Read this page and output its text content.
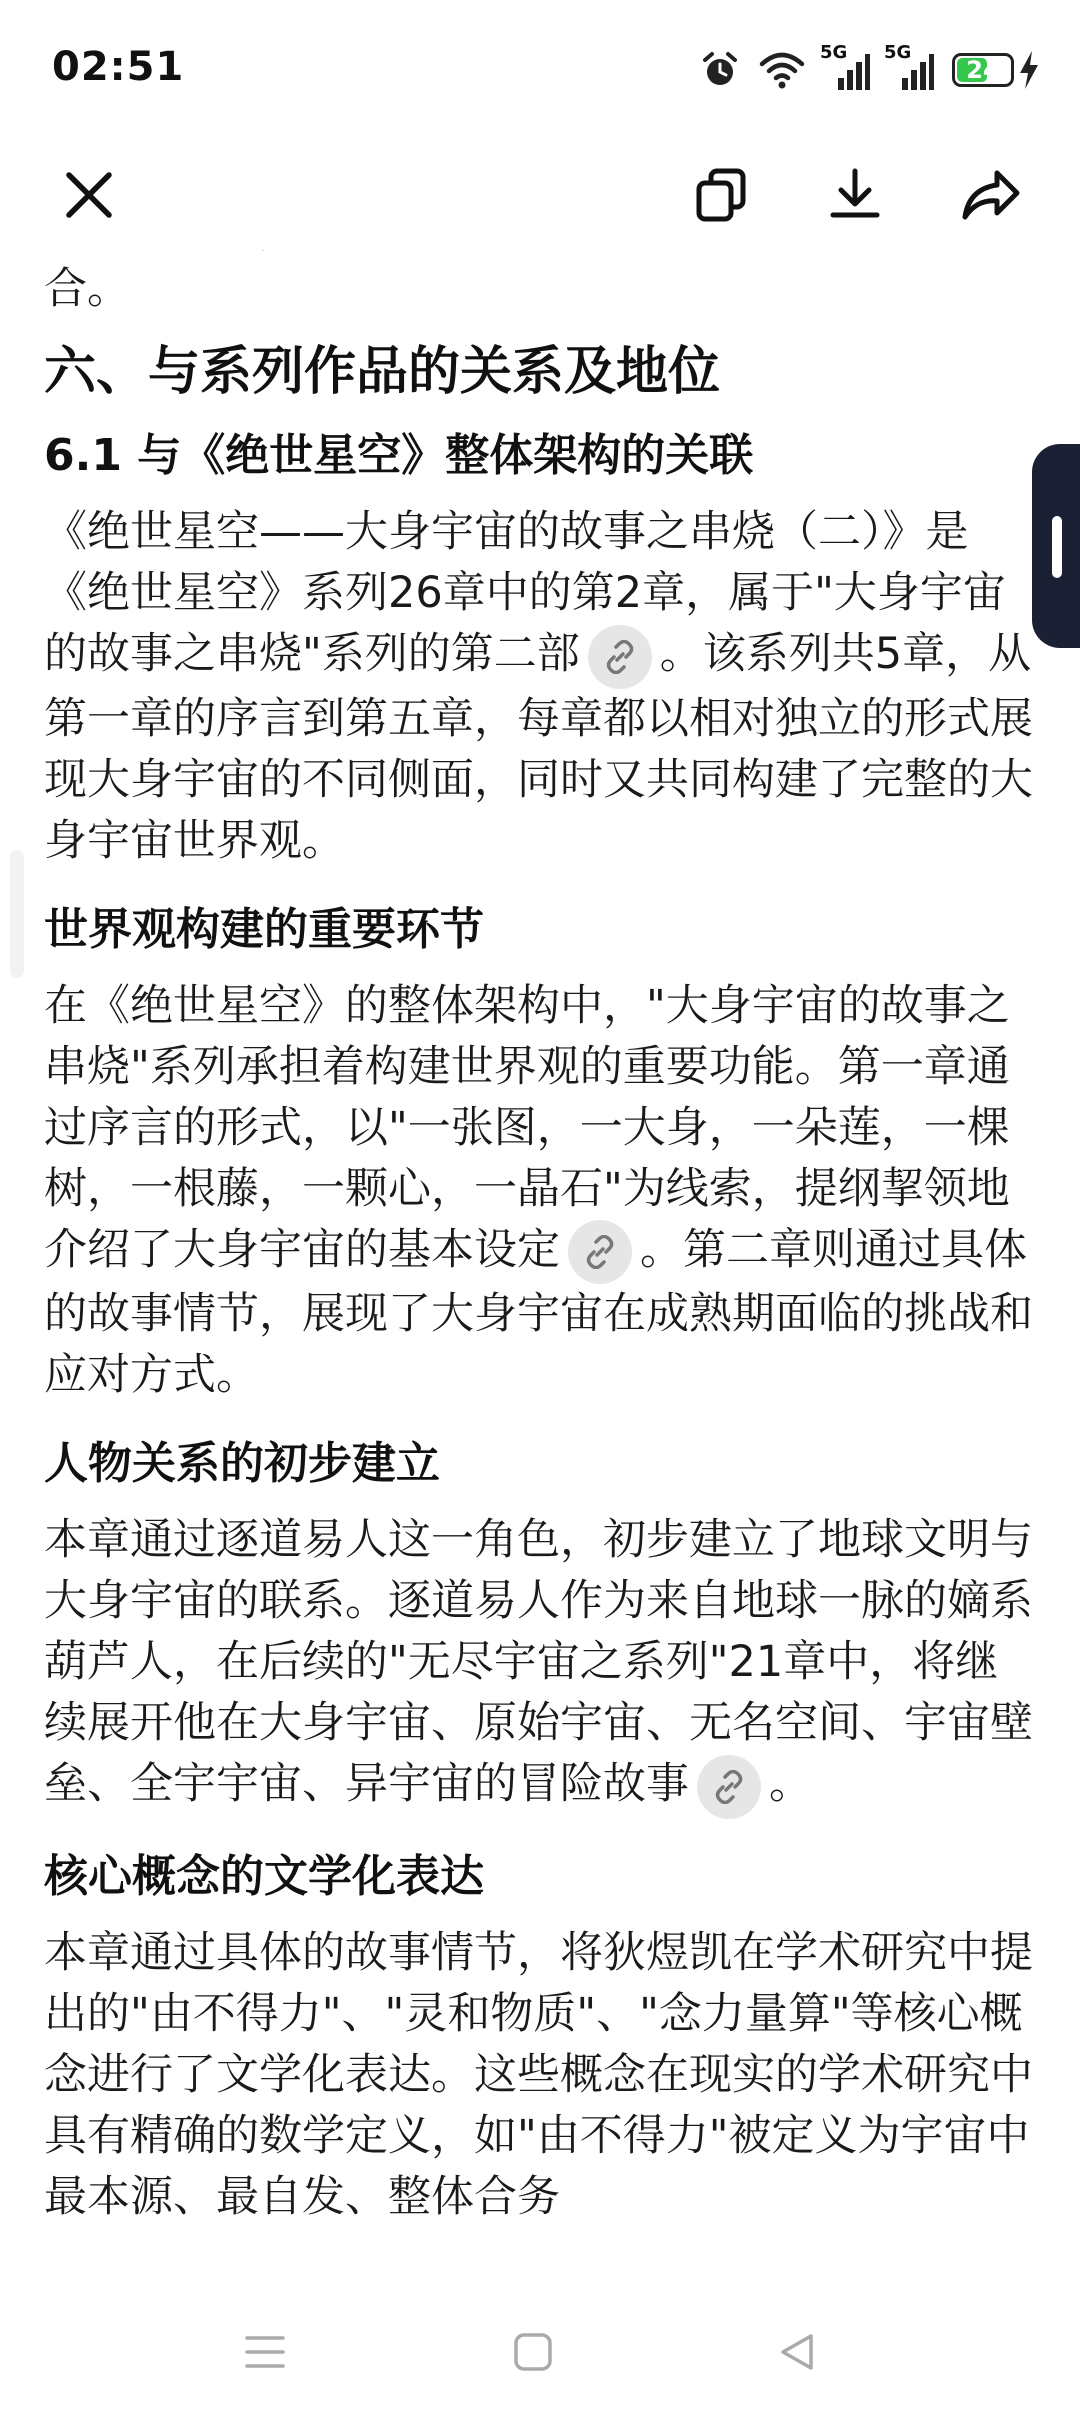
02:51	5G 5G
24

合。

六、与系列作品的关系及地位
6.1 与《绝世星空》整体架构的关联

《绝世星空——大身宇宙的故事之串烧（二）》是《绝世星空》系列26章中的第2章，属于"大身宇宙的故事之串烧"系列的第二部 。该系列共5章，从第一章的序言到第五章，每章都以相对独立的形式展现大身宇宙的不同侧面，同时又共同构建了完整的大身宇宙世界观。

世界观构建的重要环节

在《绝世星空》的整体架构中，"大身宇宙的故事之串烧"系列承担着构建世界观的重要功能。第一章通过序言的形式，以"一张图，一大身，一朵莲，一棵树，一根藤，一颗心，一晶石"为线索，提纲挈领地介绍了大身宇宙的基本设定 。第二章则通过具体的故事情节，展现了大身宇宙在成熟期面临的挑战和应对方式。

人物关系的初步建立

本章通过逐道易人这一角色，初步建立了地球文明与大身宇宙的联系。逐道易人作为来自地球一脉的嫡系葫芦人，在后续的"无尽宇宙之系列"21章中，将继续展开他在大身宇宙、原始宇宙、无名空间、宇宙壁垒、全宇宇宙、异宇宙的冒险故事 。

核心概念的文学化表达

本章通过具体的故事情节，将狄煜凯在学术研究中提出的"由不得力"、"灵和物质"、"念力量算"等核心概念进行了文学化表达。这些概念在现实的学术研究中具有精确的数学定义，如"由不得力"被定义为宇宙中最本源、最自发、整体合务
